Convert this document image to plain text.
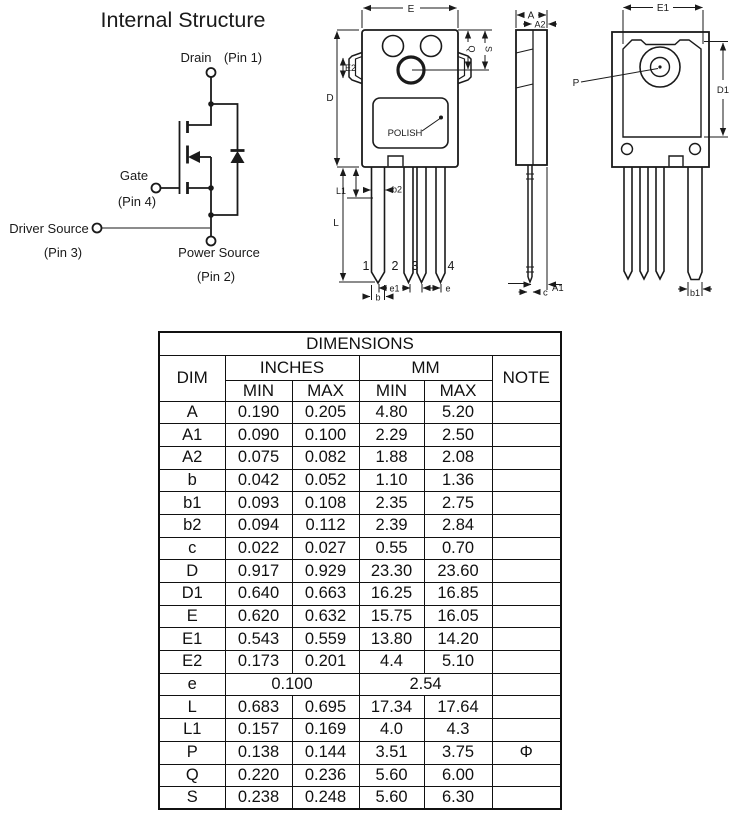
Internal Structure
Drain (Pin 1)
Gate
(Pin 4)
Driver Source
(Pin 3)	Power Source
(Pin 2)
POLISH
1 2 3 4
E
D
E2
Q S
L
L1	b2
e1	e
b
A
A2
A1
c
E1
P
D1
b1
DIMENSIONS					
DIM	INCHES		MM		NOTE
	MIN	MAX	MIN	MAX	
A	0.190	0.205	4.80	5.20	
A1	0.090	0.100	2.29	2.50	
A2	0.075	0.082	1.88	2.08	
b	0.042	0.052	1.10	1.36	
b1	0.093	0.108	2.35	2.75	
b2	0.094	0.112	2.39	2.84	
c	0.022	0.027	0.55	0.70	
D	0.917	0.929	23.30	23.60	
D1	0.640	0.663	16.25	16.85	
E	0.620	0.632	15.75	16.05	
E1	0.543	0.559	13.80	14.20	
E2	0.173	0.201	4.4	5.10	
e	0.100		2.54		
L	0.683	0.695	17.34	17.64	
L1	0.157	0.169	4.0	4.3	
P	0.138	0.144	3.51	3.75	Φ
Q	0.220	0.236	5.60	6.00	
S	0.238	0.248	5.60	6.30	
